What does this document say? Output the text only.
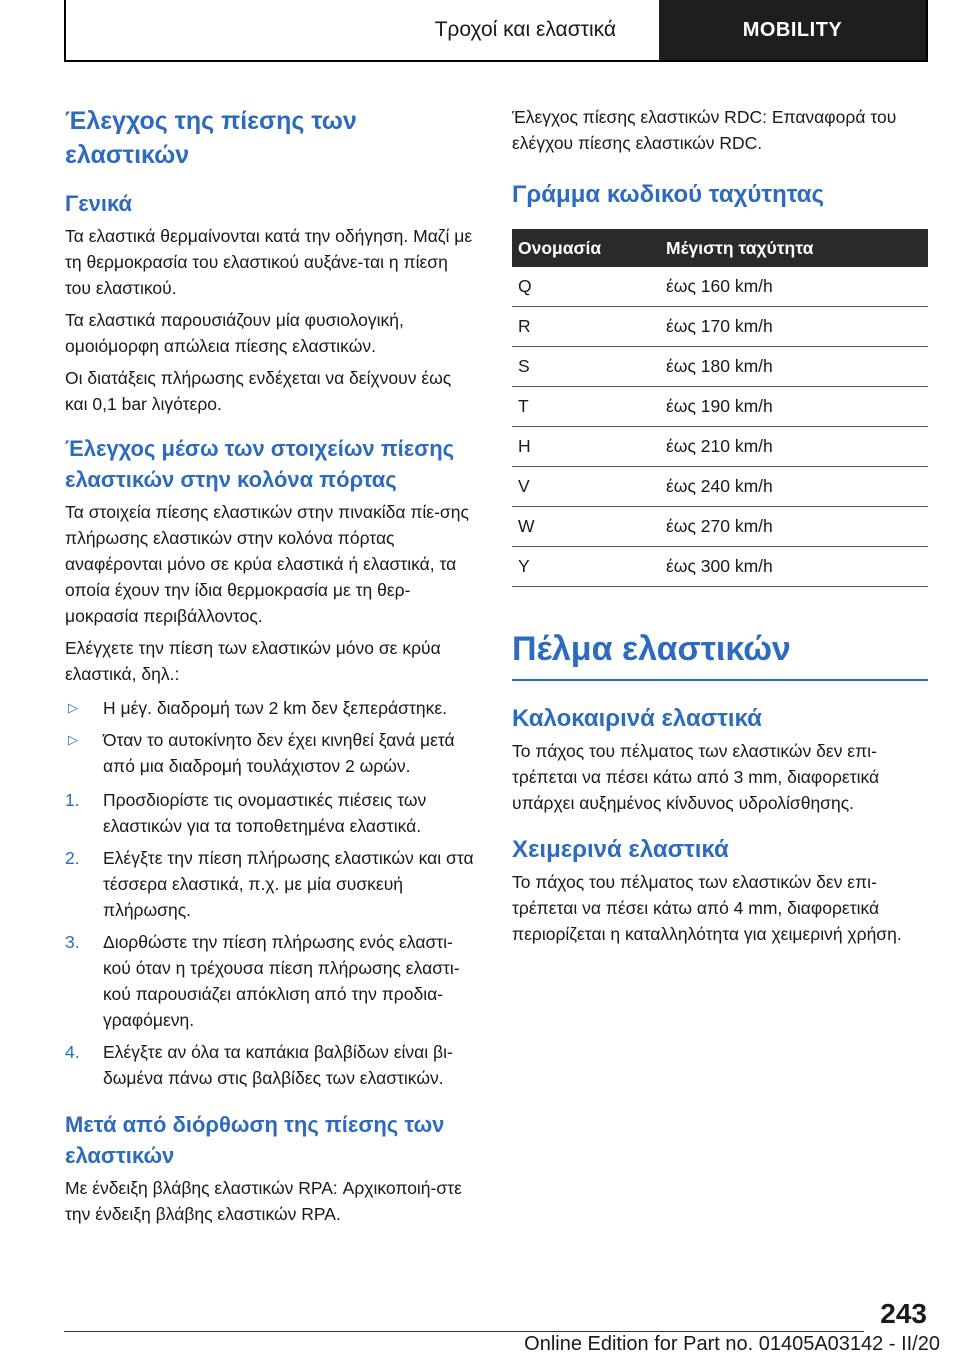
Τροχοί και ελαστικά	MOBILITY
Έλεγχος της πίεσης των ελαστικών
Γενικά

Τα ελαστικά θερμαίνονται κατά την οδήγηση. Μαζί με τη θερμοκρασία του ελαστικού αυξάνε-ται η πίεση του ελαστικού.

Τα ελαστικά παρουσιάζουν μία φυσιολογική, ομοιόμορφη απώλεια πίεσης ελαστικών.

Οι διατάξεις πλήρωσης ενδέχεται να δείχνουν έως και 0,1 bar λιγότερο.

Έλεγχος μέσω των στοιχείων πίεσης ελαστικών στην κολόνα πόρτας

Τα στοιχεία πίεσης ελαστικών στην πινακίδα πίε-σης πλήρωσης ελαστικών στην κολόνα πόρτας αναφέρονται μόνο σε κρύα ελαστικά ή ελαστικά, τα οποία έχουν την ίδια θερμοκρασία με τη θερ-μοκρασία περιβάλλοντος.

Ελέγχετε την πίεση των ελαστικών μόνο σε κρύα ελαστικά, δηλ.:

▷	Η μέγ. διαδρομή των 2 km δεν ξεπεράστηκε.
▷	Όταν το αυτοκίνητο δεν έχει κινηθεί ξανά μετά από μια διαδρομή τουλάχιστον 2 ωρών.
1.	Προσδιορίστε τις ονομαστικές πιέσεις των ελαστικών για τα τοποθετημένα ελαστικά.
2.	Ελέγξτε την πίεση πλήρωσης ελαστικών και στα τέσσερα ελαστικά, π.χ. με μία συσκευή πλήρωσης.
3.	Διορθώστε την πίεση πλήρωσης ενός ελαστι-κού όταν η τρέχουσα πίεση πλήρωσης ελαστι-κού παρουσιάζει απόκλιση από την προδια-γραφόμενη.
4.	Ελέγξτε αν όλα τα καπάκια βαλβίδων είναι βι-δωμένα πάνω στις βαλβίδες των ελαστικών.
Μετά από διόρθωση της πίεσης των ελαστικών

Με ένδειξη βλάβης ελαστικών RPA: Αρχικοποιή-στε την ένδειξη βλάβης ελαστικών RPA.

Έλεγχος πίεσης ελαστικών RDC: Επαναφορά του ελέγχου πίεσης ελαστικών RDC.

Γράμμα κωδικού ταχύτητας
Ονομασία	Μέγιστη ταχύτητα
Q	έως 160 km/h
R	έως 170 km/h
S	έως 180 km/h
T	έως 190 km/h
H	έως 210 km/h
V	έως 240 km/h
W	έως 270 km/h
Y	έως 300 km/h
Πέλμα ελαστικών
Καλοκαιρινά ελαστικά

Το πάχος του πέλματος των ελαστικών δεν επι-τρέπεται να πέσει κάτω από 3 mm, διαφορετικά υπάρχει αυξημένος κίνδυνος υδρολίσθησης.

Χειμερινά ελαστικά

Το πάχος του πέλματος των ελαστικών δεν επι-τρέπεται να πέσει κάτω από 4 mm, διαφορετικά περιορίζεται η καταλληλότητα για χειμερινή χρήση.

243
Online Edition for Part no. 01405A03142 - II/20
